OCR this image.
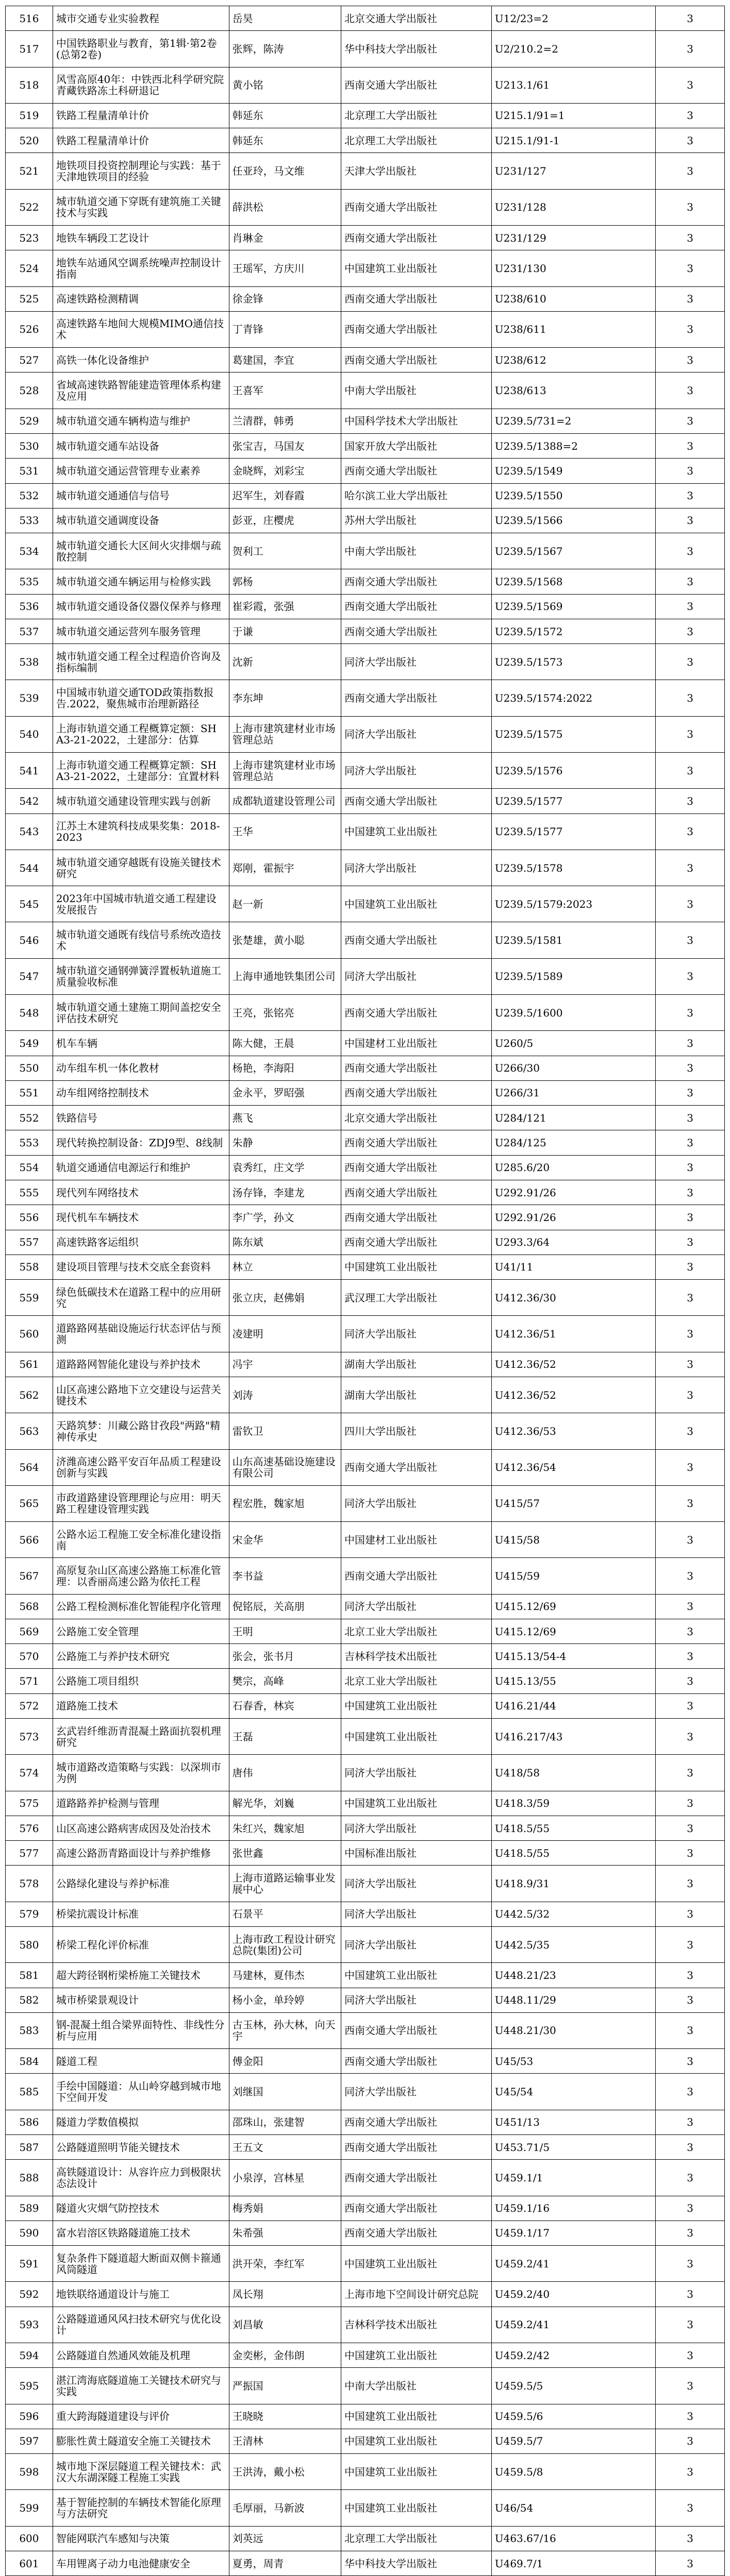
516	城市交通专业实验教程	岳昊	北京交通大学出版社	U12/23=2	3
517	中国铁路职业与教育，第1辑·第2卷(总第2卷)	张辉，陈涛	华中科技大学出版社	U2/210.2=2	3
518	风雪高原40年：中铁西北科学研究院青藏铁路冻土科研退记	黄小铭	西南交通大学出版社	U213.1/61	3
519	铁路工程量清单计价	韩延东	北京理工大学出版社	U215.1/91=1	3
520	铁路工程量清单计价	韩延东	北京理工大学出版社	U215.1/91-1	3
521	地铁项目投资控制理论与实践：基于天津地铁项目的经验	任亚玲，马文维	天津大学出版社	U231/127	3
522	城市轨道交通下穿既有建筑施工关键技术与实践	薛洪松	西南交通大学出版社	U231/128	3
523	地铁车辆段工艺设计	肖琳金	西南交通大学出版社	U231/129	3
524	地铁车站通风空调系统噪声控制设计指南	王瑶军，方庆川	中国建筑工业出版社	U231/130	3
525	高速铁路检测精调	徐金锋	西南交通大学出版社	U238/610	3
526	高速铁路车地间大规模MIMO通信技术	丁青锋	西南交通大学出版社	U238/611	3
527	高铁一体化设备维护	葛建国，李宜	西南交通大学出版社	U238/612	3
528	省域高速铁路智能建造管理体系构建及应用	王喜军	中南大学出版社	U238/613	3
529	城市轨道交通车辆构造与维护	兰清群，韩勇	中国科学技术大学出版社	U239.5/731=2	3
530	城市轨道交通车站设备	张宝吉，马国友	国家开放大学出版社	U239.5/1388=2	3
531	城市轨道交通运营管理专业素养	金晓辉，刘彩宝	西南交通大学出版社	U239.5/1549	3
532	城市轨道交通通信与信号	迟军生，刘春霞	哈尔滨工业大学出版社	U239.5/1550	3
533	城市轨道交通调度设备	彭亚，庄樱虎	苏州大学出版社	U239.5/1566	3
534	城市轨道交通长大区间火灾排烟与疏散控制	贺利工	中南大学出版社	U239.5/1567	3
535	城市轨道交通车辆运用与检修实践	郭杨	西南交通大学出版社	U239.5/1568	3
536	城市轨道交通设备仪器仪保养与修理	崔彩霞，张强	西南交通大学出版社	U239.5/1569	3
537	城市轨道交通运营列车服务管理	于谦	西南交通大学出版社	U239.5/1572	3
538	城市轨道交通工程全过程造价咨询及指标编制	沈新	同济大学出版社	U239.5/1573	3
539	中国城市轨道交通TOD政策指数报告.2022，聚焦城市治理新路径	李东坤	西南交通大学出版社	U239.5/1574:2022	3
540	上海市轨道交通工程概算定额：SH A3-21-2022，土建部分：估算	上海市建筑建材业市场管理总站	同济大学出版社	U239.5/1575	3
541	上海市轨道交通工程概算定额：SH A3-21-2022，土建部分：宜置材料	上海市建筑建材业市场管理总站	同济大学出版社	U239.5/1576	3
542	城市轨道交通建设管理实践与创新	成都轨道建设管理公司	西南交通大学出版社	U239.5/1577	3
543	江苏土木建筑科技成果奖集：2018-2023	王华	中国建筑工业出版社	U239.5/1577	3
544	城市轨道交通穿越既有设施关键技术研究	郑刚，霍振宇	同济大学出版社	U239.5/1578	3
545	2023年中国城市轨道交通工程建设发展报告	赵一新	中国建筑工业出版社	U239.5/1579:2023	3
546	城市轨道交通既有线信号系统改造技术	张楚雄，黄小聪	西南交通大学出版社	U239.5/1581	3
547	城市轨道交通钢弹簧浮置板轨道施工质量验收标准	上海申通地铁集团公司	同济大学出版社	U239.5/1589	3
548	城市轨道交通土建施工期间盖挖安全评估技术研究	王亮，张铭亮	西南交通大学出版社	U239.5/1600	3
549	机车车辆	陈大健，王晨	中国建材工业出版社	U260/5	3
550	动车组车机一体化教材	杨艳，李海阳	西南交通大学出版社	U266/30	3
551	动车组网络控制技术	金永平，罗昭强	西南交通大学出版社	U266/31	3
552	铁路信号	燕飞	北京交通大学出版社	U284/121	3
553	现代转换控制设备：ZDJ9型、8线制	朱静	西南交通大学出版社	U284/125	3
554	轨道交通通信电源运行和维护	袁秀红，庄文学	西南交通大学出版社	U285.6/20	3
555	现代列车网络技术	汤存锋，李建龙	西南交通大学出版社	U292.91/26	3
556	现代机车车辆技术	李广学，孙文	西南交通大学出版社	U292.91/26	3
557	高速铁路客运组织	陈东斌	西南交通大学出版社	U293.3/64	3
558	建设项目管理与技术交底全套资料	林立	中国建筑工业出版社	U41/11	3
559	绿色低碳技术在道路工程中的应用研究	张立庆，赵佛娟	武汉理工大学出版社	U412.36/30	3
560	道路路网基础设施运行状态评估与预测	凌建明	同济大学出版社	U412.36/51	3
561	道路路网智能化建设与养护技术	冯宇	湖南大学出版社	U412.36/52	3
562	山区高速公路地下立交建设与运营关键技术	刘涛	湖南大学出版社	U412.36/52	3
563	天路筑梦：川藏公路甘孜段"两路"精神传承史	雷钦卫	四川大学出版社	U412.36/53	3
564	济潍高速公路平安百年品质工程建设创新与实践	山东高速基础设施建设有限公司	西南交通大学出版社	U412.36/54	3
565	市政道路建设管理理论与应用：明天路工程建设管理实践	程宏胜，魏家旭	同济大学出版社	U415/57	3
566	公路水运工程施工安全标准化建设指南	宋金华	中国建材工业出版社	U415/58	3
567	高原复杂山区高速公路施工标准化管理：以香丽高速公路为依托工程	李书益	西南交通大学出版社	U415/59	3
568	公路工程检测标准化智能程序化管理	倪铭辰，关高朋	同济大学出版社	U415.12/69	3
569	公路施工安全管理	王明	北京工业大学出版社	U415.12/69	3
570	公路施工与养护技术研究	张会，张书月	吉林科学技术出版社	U415.13/54-4	3
571	公路施工项目组织	樊宗，高峰	北京工业大学出版社	U415.13/55	3
572	道路施工技术	石春香，林宾	中国建筑工业出版社	U416.21/44	3
573	玄武岩纤维沥青混凝土路面抗裂机理研究	王磊	中国建筑工业出版社	U416.217/43	3
574	城市道路改造策略与实践：以深圳市为例	唐伟	同济大学出版社	U418/58	3
575	道路路养护检测与管理	解光华，刘巍	中国建筑工业出版社	U418.3/59	3
576	山区高速公路病害成因及处治技术	朱红兴，魏家旭	同济大学出版社	U418.5/55	3
577	高速公路沥青路面设计与养护维修	张世鑫	中国标准出版社	U418.5/55	3
578	公路绿化建设与养护标准	上海市道路运输事业发展中心	同济大学出版社	U418.9/31	3
579	桥梁抗震设计标准	石景平	同济大学出版社	U442.5/32	3
580	桥梁工程化评价标准	上海市政工程设计研究总院(集团)公司	同济大学出版社	U442.5/35	3
581	超大跨径钢桁梁桥施工关键技术	马建林，夏伟杰	中国建筑工业出版社	U448.21/23	3
582	城市桥梁景观设计	杨小金，单玲婷	同济大学出版社	U448.11/29	3
583	钢-混凝土组合梁界面特性、非线性分析与应用	古玉林，孙大林，向天宇	西南交通大学出版社	U448.21/30	3
584	隧道工程	傅金阳	西南交通大学出版社	U45/53	3
585	手绘中国隧道：从山岭穿越到城市地下空间开发	刘继国	同济大学出版社	U45/54	3
586	隧道力学数值模拟	邵珠山，张建智	西南交通大学出版社	U451/13	3
587	公路隧道照明节能关键技术	王五文	西南交通大学出版社	U453.71/5	3
588	高铁隧道设计：从容许应力到极限状态法设计	小泉淳，宫林星	西南交通大学出版社	U459.1/1	3
589	隧道火灾烟气防控技术	梅秀娟	西南交通大学出版社	U459.1/16	3
590	富水岩溶区铁路隧道施工技术	朱希强	西南交通大学出版社	U459.1/17	3
591	复杂条件下隧道超大断面双侧卡箍通风筒隧道	洪开荣，李红军	中国建筑工业出版社	U459.2/41	3
592	地铁联络通道设计与施工	凤长翔	上海市地下空间设计研究总院	U459.2/40	3
593	公路隧道通风风扫技术研究与优化设计	刘昌敏	吉林科学技术出版社	U459.2/41	3
594	公路隧道自然通风效能及机理	金奕彬，金伟朗	中国建筑工业出版社	U459.2/42	3
595	湛江湾海底隧道施工关键技术研究与实践	严振国	中南大学出版社	U459.5/5	3
596	重大跨海隧道建设与评价	王晓晓	中国建筑工业出版社	U459.5/6	3
597	膨胀性黄土隧道安全施工关键技术	王清林	中国建筑工业出版社	U459.5/7	3
598	城市地下深层隧道工程关键技术：武汉大东湖深隧工程施工实践	王洪涛，戴小松	中国建筑工业出版社	U459.5/8	3
599	基于智能控制的车辆技术智能化原理与方法研究	毛厚丽，马新波	中国建筑工业出版社	U46/54	3
600	智能网联汽车感知与决策	刘英远	北京理工大学出版社	U463.67/16	3
601	车用锂离子动力电池健康安全	夏勇，周青	华中科技大学出版社	U469.7/1	3
